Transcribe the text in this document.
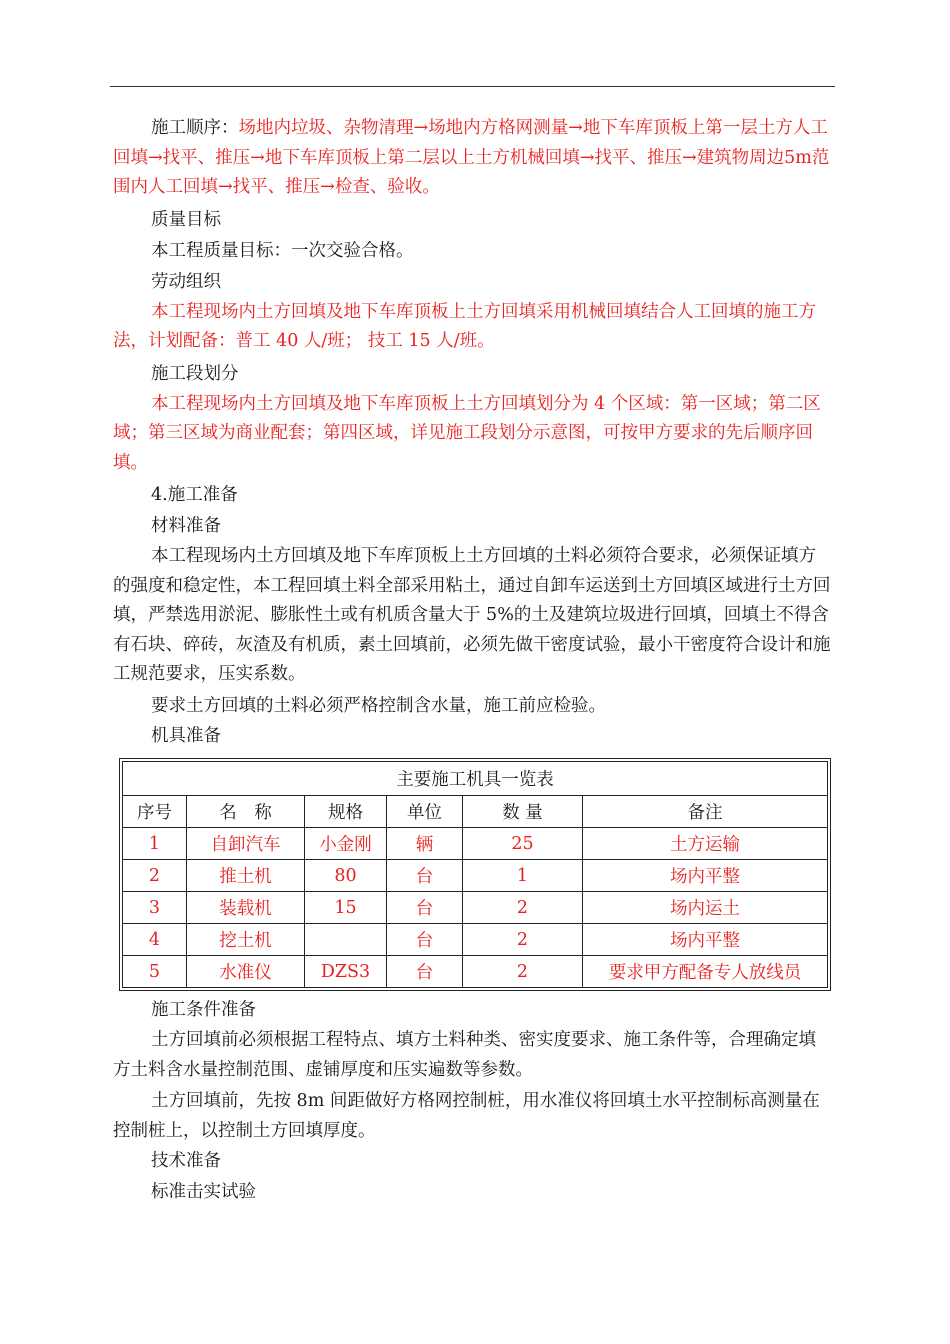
施工顺序：场地内垃圾、杂物清理→场地内方格网测量→地下车库顶板上第一层土方人工回填→找平、推压→地下车库顶板上第二层以上土方机械回填→找平、推压→建筑物周边5m范围内人工回填→找平、推压→检查、验收。

质量目标
本工程质量目标：一次交验合格。
劳动组织

本工程现场内土方回填及地下车库顶板上土方回填采用机械回填结合人工回填的施工方法，计划配备：普工 40 人/班； 技工 15 人/班。

施工段划分

本工程现场内土方回填及地下车库顶板上土方回填划分为 4 个区域：第一区域；第二区域；第三区域为商业配套；第四区域，详见施工段划分示意图，可按甲方要求的先后顺序回填。

4.施工准备
材料准备

本工程现场内土方回填及地下车库顶板上土方回填的土料必须符合要求，必须保证填方的强度和稳定性，本工程回填土料全部采用粘土，通过自卸车运送到土方回填区域进行土方回填，严禁选用淤泥、膨胀性土或有机质含量大于 5%的土及建筑垃圾进行回填，回填土不得含有石块、碎砖，灰渣及有机质，素土回填前，必须先做干密度试验，最小干密度符合设计和施工规范要求，压实系数。

要求土方回填的土料必须严格控制含水量，施工前应检验。

机具准备
主要施工机具一览表					
序号	名　称	规格	单位	数 量	备注
1	自卸汽车	小金刚	辆	25	土方运输
2	推土机	80	台	1	场内平整
3	装载机	15	台	2	场内运土
4	挖土机		台	2	场内平整
5	水准仪	DZS3	台	2	要求甲方配备专人放线员
施工条件准备

土方回填前必须根据工程特点、填方土料种类、密实度要求、施工条件等，合理确定填方土料含水量控制范围、虚铺厚度和压实遍数等参数。

土方回填前，先按 8m 间距做好方格网控制桩，用水准仪将回填土水平控制标高测量在控制桩上，以控制土方回填厚度。

技术准备
标准击实试验
